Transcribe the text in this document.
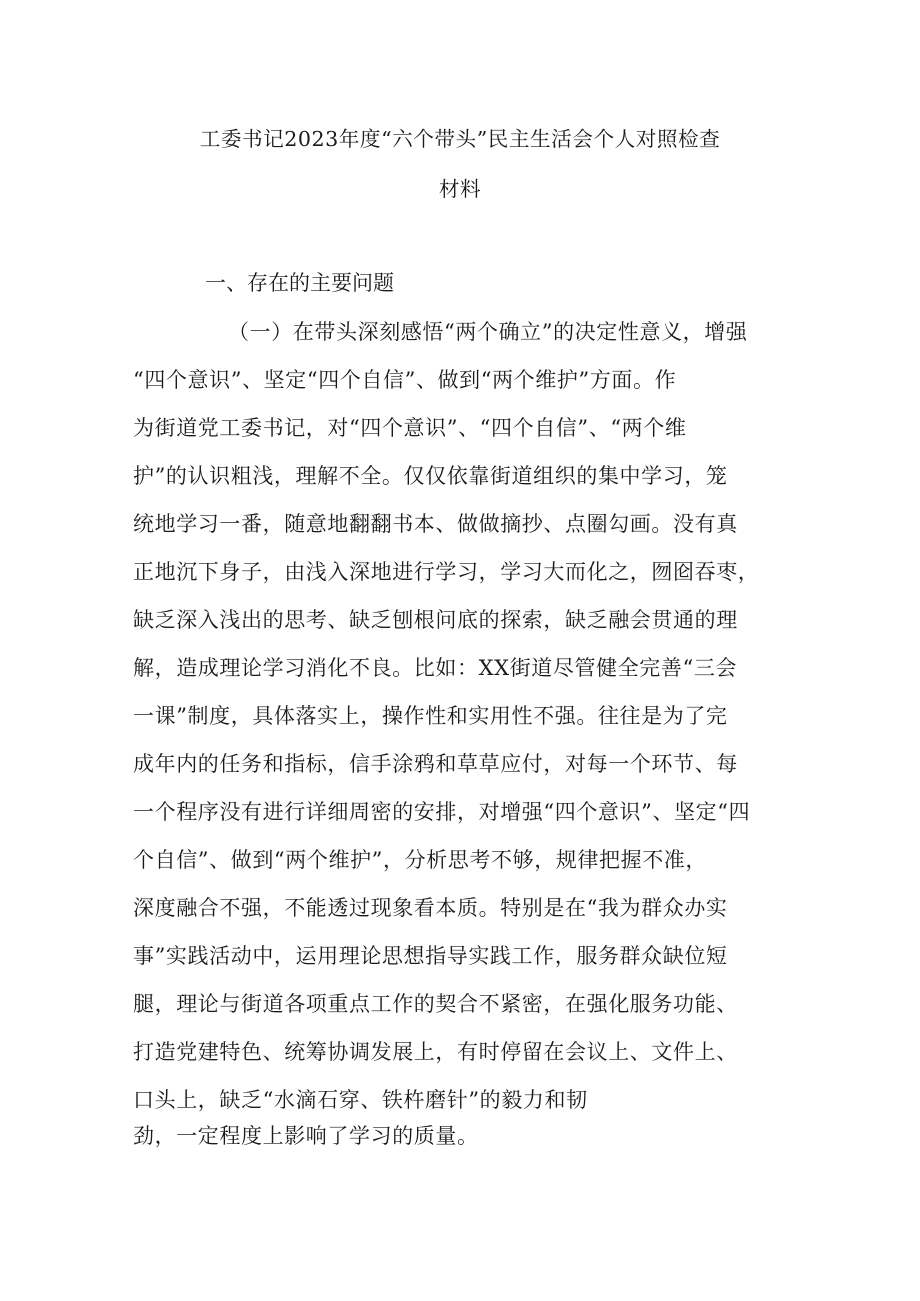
工委书记2023年度“六个带头”民主生活会个人对照检查
材料
一、存在的主要问题
（一）在带头深刻感悟“两个确立”的决定性意义，增强
“四个意识”、坚定“四个自信”、做到“两个维护”方面。作
为街道党工委书记，对“四个意识”、“四个自信”、“两个维
护”的认识粗浅，理解不全。仅仅依靠街道组织的集中学习，笼
统地学习一番，随意地翻翻书本、做做摘抄、点圈勾画。没有真
正地沉下身子，由浅入深地进行学习，学习大而化之，囫囵吞枣，
缺乏深入浅出的思考、缺乏刨根问底的探索，缺乏融会贯通的理
解，造成理论学习消化不良。比如：XX街道尽管健全完善“三会
一课”制度，具体落实上，操作性和实用性不强。往往是为了完
成年内的任务和指标，信手涂鸦和草草应付，对每一个环节、每
一个程序没有进行详细周密的安排，对增强“四个意识”、坚定“四
个自信”、做到“两个维护”，分析思考不够，规律把握不准，
深度融合不强，不能透过现象看本质。特别是在“我为群众办实
事”实践活动中，运用理论思想指导实践工作，服务群众缺位短
腿，理论与街道各项重点工作的契合不紧密，在强化服务功能、
打造党建特色、统筹协调发展上，有时停留在会议上、文件上、
口头上，缺乏“水滴石穿、铁杵磨针”的毅力和韧
劲，一定程度上影响了学习的质量。
